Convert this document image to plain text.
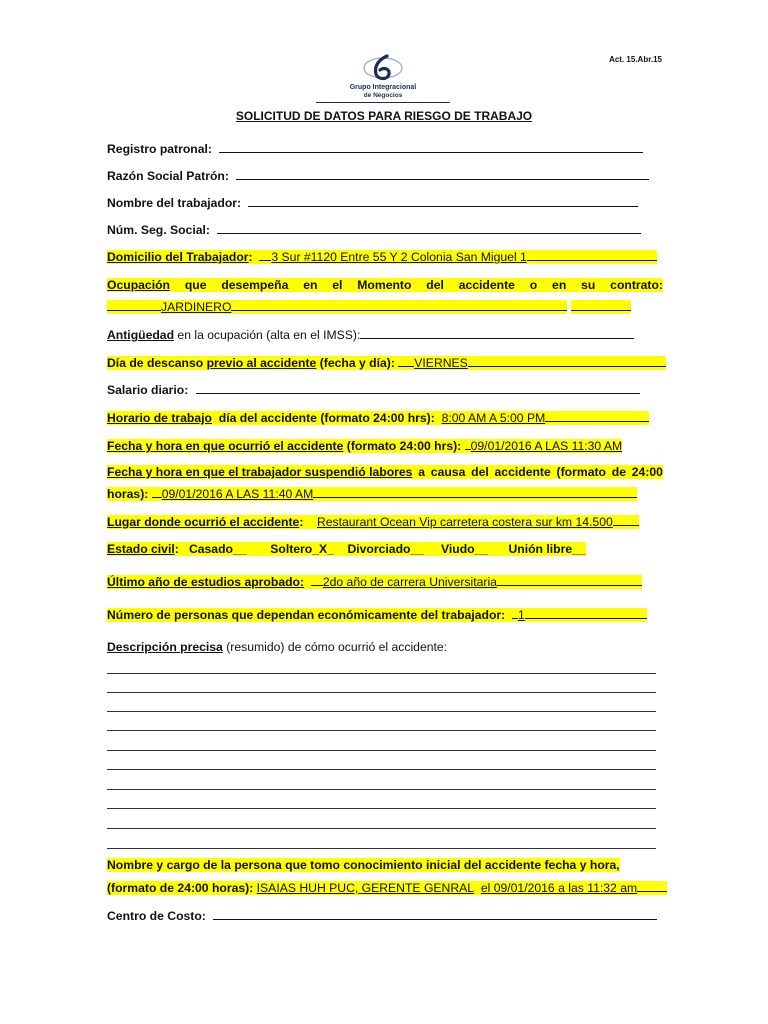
Act. 15.Abr.15
Grupo Integracional
de Negocios
SOLICITUD DE DATOS PARA RIESGO DE TRABAJO
Registro patronal:
Razón Social Patrón:
Nombre del trabajador:
Núm. Seg. Social:
Domicilio del Trabajador:  3 Sur #1120 Entre 55 Y 2 Colonia San Miguel 1
Ocupación que desempeña en el Momento del accidente o en su contrato:
JARDINERO
Antigüedad en la ocupación (alta en el IMSS):
Día de descanso previo al accidente (fecha y día): VIERNES
Salario diario:
Horario de trabajo día del accidente (formato 24:00 hrs): 8:00 AM A 5:00 PM
Fecha y hora en que ocurrió el accidente (formato 24:00 hrs): 09/01/2016 A LAS 11:30 AM
Fecha y hora en que el trabajador suspendió labores a causa del accidente (formato de 24:00
horas): 09/01/2016 A LAS 11:40 AM
Lugar donde ocurrió el accidente:    Restaurant Ocean Vip carretera costera sur km 14.500
Estado civil:   Casado__ Soltero_X_ Divorciado__ Viudo__ Unión libre__
Último año de estudios aprobado: 2do año de carrera Universitaria
Número de personas que dependan económicamente del trabajador: 1
Descripción precisa (resumido) de cómo ocurrió el accidente:
Nombre y cargo de la persona que tomo conocimiento inicial del accidente fecha y hora,
(formato de 24:00 horas): ISAIAS HUH PUC, GERENTE GENRAL el 09/01/2016 a las 11:32 am
Centro de Costo:
